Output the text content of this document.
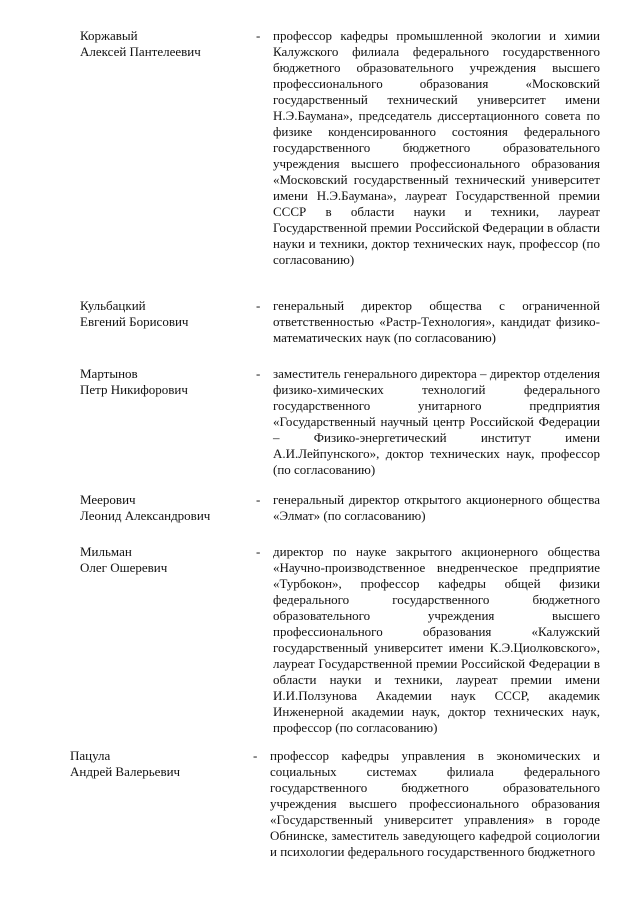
Коржавый
Алексей Пантелеевич
- профессор кафедры промышленной экологии и химии Калужского филиала федерального государственного бюджетного образовательного учреждения высшего профессионального образования «Московский государственный технический университет имени Н.Э.Баумана», председатель диссертационного совета по физике конденсированного состояния федерального государственного бюджетного образовательного учреждения высшего профессионального образования «Московский государственный технический университет имени Н.Э.Баумана», лауреат Государственной премии СССР в области науки и техники, лауреат Государственной премии Российской Федерации в области науки и техники, доктор технических наук, профессор (по согласованию)
Кульбацкий
Евгений Борисович
- генеральный директор общества с ограниченной ответственностью «Растр-Технология», кандидат физико-математических наук (по согласованию)
Мартынов
Петр Никифорович
- заместитель генерального директора – директор отделения физико-химических технологий федерального государственного унитарного предприятия «Государственный научный центр Российской Федерации – Физико-энергетический институт имени А.И.Лейпунского», доктор технических наук, профессор (по согласованию)
Меерович
Леонид Александрович
- генеральный директор открытого акционерного общества «Элмат» (по согласованию)
Мильман
Олег Ошеревич
- директор по науке закрытого акционерного общества «Научно-производственное внедренческое предприятие «Турбокон», профессор кафедры общей физики федерального государственного бюджетного образовательного учреждения высшего профессионального образования «Калужский государственный университет имени К.Э.Циолковского», лауреат Государственной премии Российской Федерации в области науки и техники, лауреат премии имени И.И.Ползунова Академии наук СССР, академик Инженерной академии наук, доктор технических наук, профессор (по согласованию)
Пацула
Андрей Валерьевич
- профессор кафедры управления в экономических и социальных системах филиала федерального государственного бюджетного образовательного учреждения высшего профессионального образования «Государственный университет управления» в городе Обнинске, заместитель заведующего кафедрой социологии и психологии федерального государственного бюджетного
